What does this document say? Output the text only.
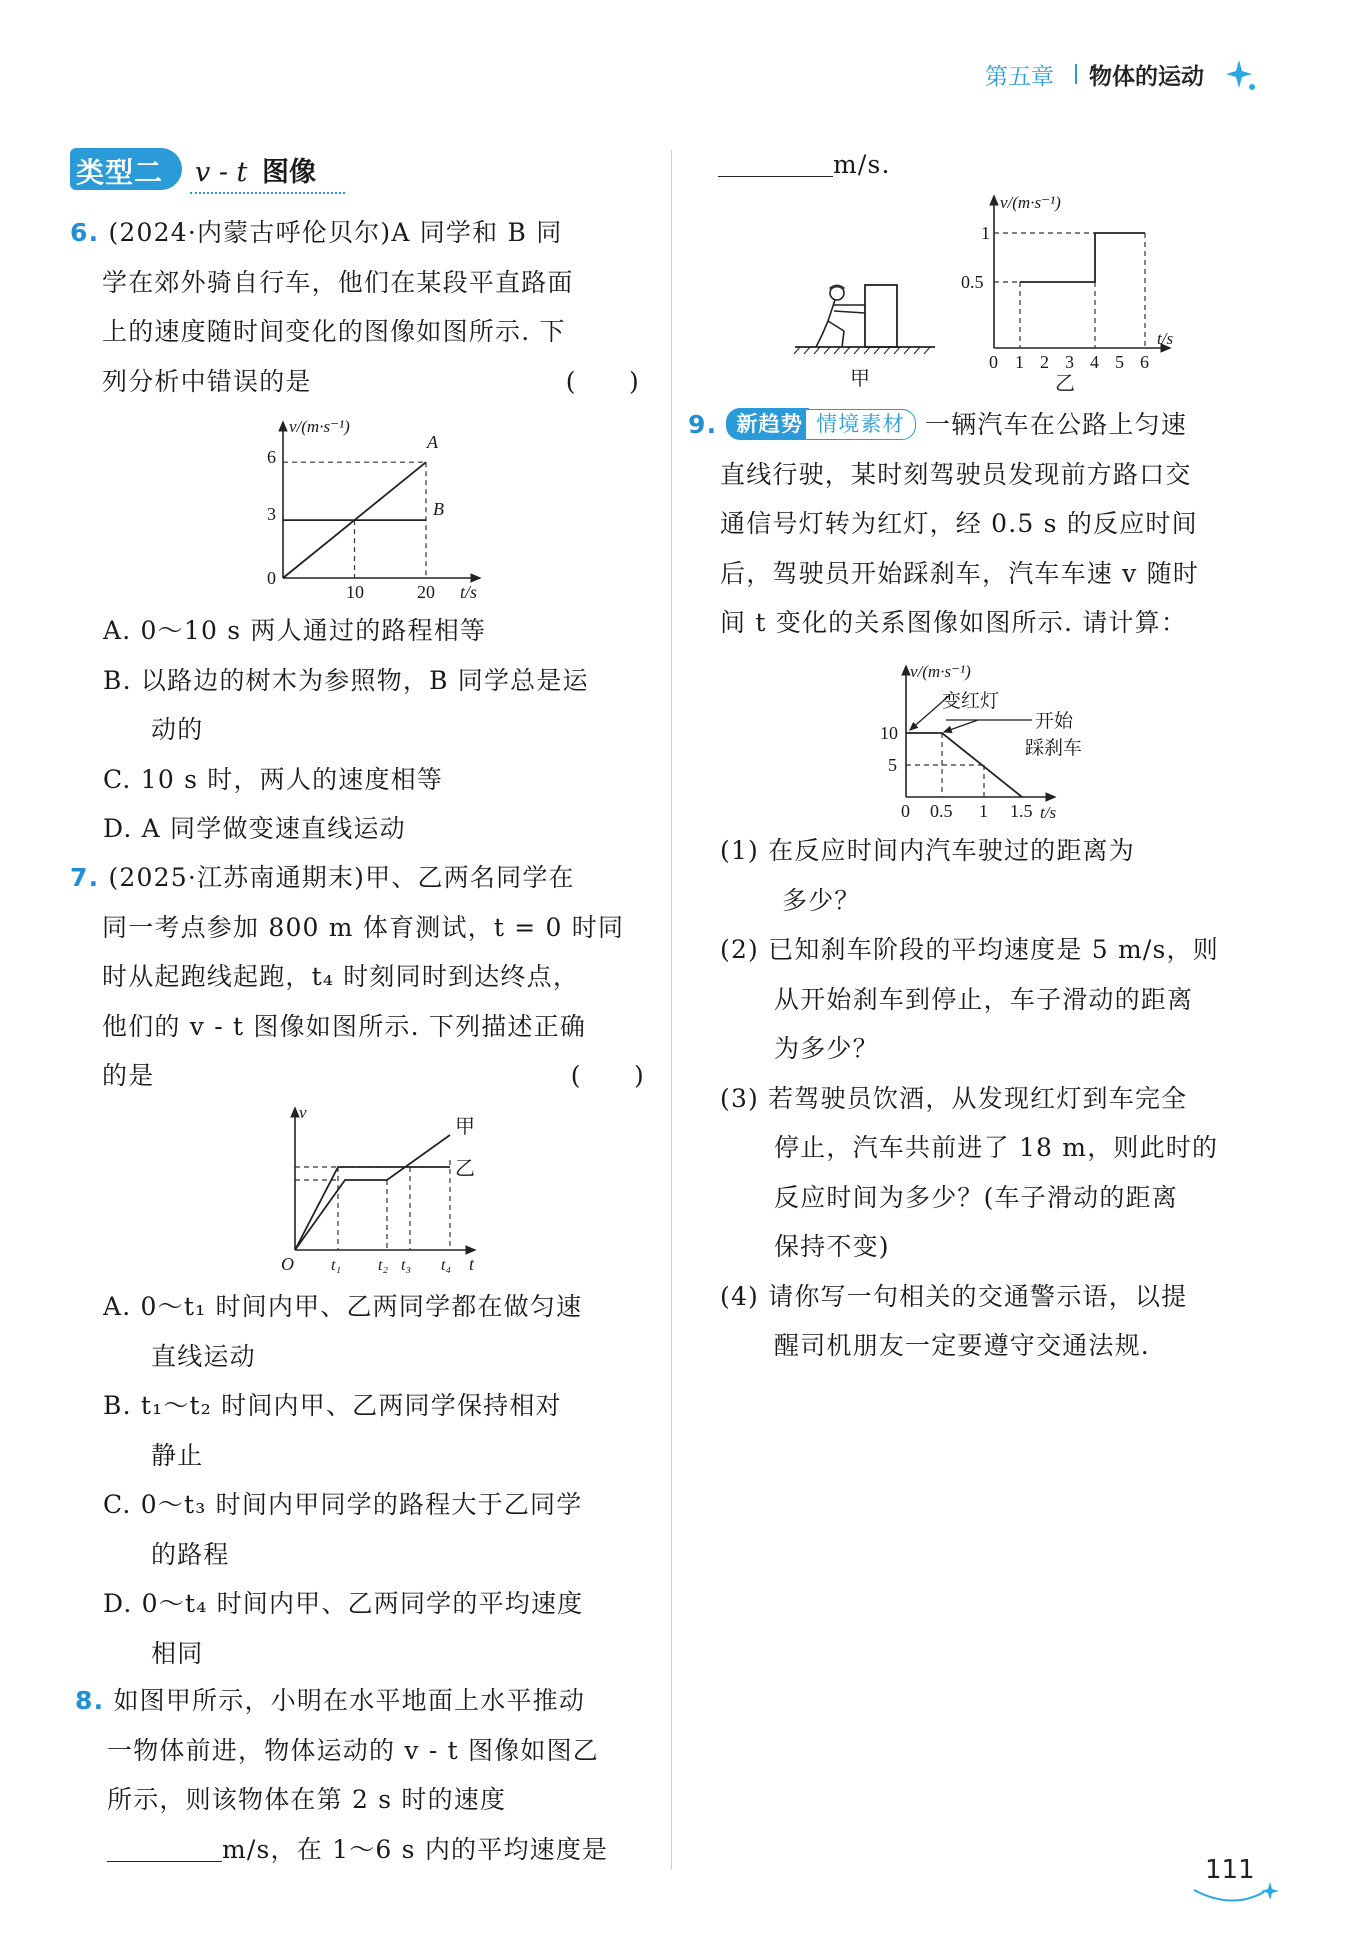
第五章 物体的运动
类型二 v - t 图像
6. (2024·内蒙古呼伦贝尔)A 同学和 B 同
学在郊外骑自行车，他们在某段平直路面
上的速度随时间变化的图像如图所示. 下
列分析中错误的是	(　　)
v/(m·s⁻¹)
t/s
6
3
0
10	20
A
B
A. 0～10 s 两人通过的路程相等
B. 以路边的树木为参照物，B 同学总是运
动的
C. 10 s 时，两人的速度相等
D. A 同学做变速直线运动
7. (2025·江苏南通期末)甲、乙两名同学在
同一考点参加 800 m 体育测试，t = 0 时同
时从起跑线起跑，t₄ 时刻同时到达终点，
他们的 v - t 图像如图所示. 下列描述正确
的是	(　　)
v
t
O t₁ t₂ t₃ t₄
甲
乙
A. 0～t₁ 时间内甲、乙两同学都在做匀速
直线运动
B. t₁～t₂ 时间内甲、乙两同学保持相对
静止
C. 0～t₃ 时间内甲同学的路程大于乙同学
的路程
D. 0～t₄ 时间内甲、乙两同学的平均速度
相同
8. 如图甲所示，小明在水平地面上水平推动
一物体前进，物体运动的 v - t 图像如图乙
所示，则该物体在第 2 s 时的速度
m/s，在 1～6 s 内的平均速度是
m/s.
甲
v/(m·s⁻¹)
t/s
1
0.5
0 1 2 3 4 5 6
乙
9. 新趋势 情境素材 一辆汽车在公路上匀速
直线行驶，某时刻驾驶员发现前方路口交
通信号灯转为红灯，经 0.5 s 的反应时间
后，驾驶员开始踩刹车，汽车车速 v 随时
间 t 变化的关系图像如图所示. 请计算：
v/(m·s⁻¹)
t/s
10
5
0 0.5 1 1.5
变红灯
开始
踩刹车
(1) 在反应时间内汽车驶过的距离为
多少？
(2) 已知刹车阶段的平均速度是 5 m/s，则
从开始刹车到停止，车子滑动的距离
为多少？
(3) 若驾驶员饮酒，从发现红灯到车完全
停止，汽车共前进了 18 m，则此时的
反应时间为多少？(车子滑动的距离
保持不变)
(4) 请你写一句相关的交通警示语，以提
醒司机朋友一定要遵守交通法规.
111
